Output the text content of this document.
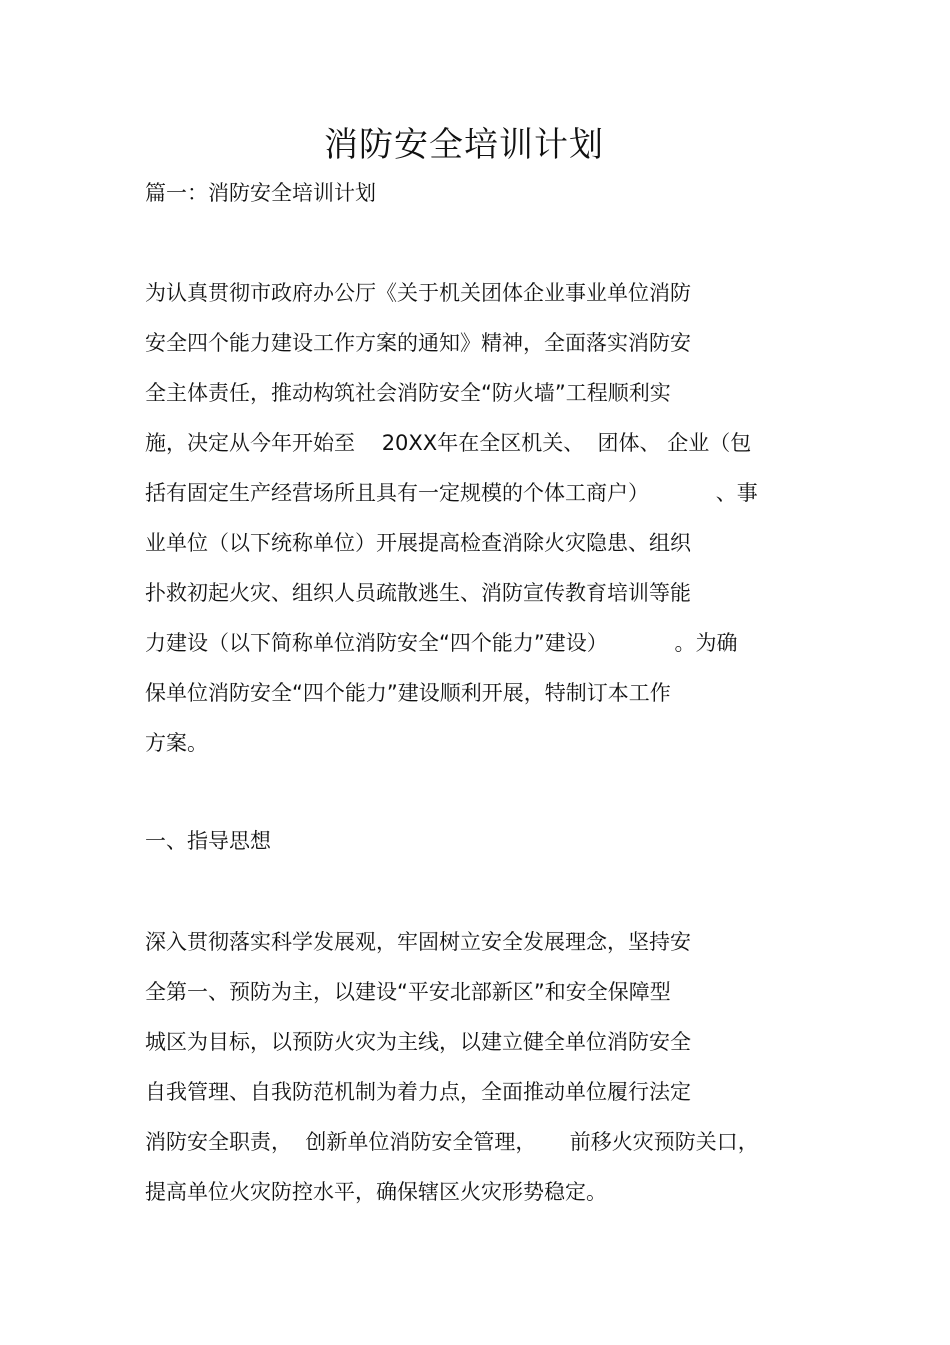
消防安全培训计划
篇一：消防安全培训计划
为认真贯彻市政府办公厅《关于机关团体企业事业单位消防
安全四个能力建设工作方案的通知》精神，全面落实消防安
全主体责任，推动构筑社会消防安全“防火墙”工程顺利实
施，决定从今年开始至    20XX年在全区机关、  团体、 企业（包
括有固定生产经营场所且具有一定规模的个体工商户）          、事
业单位（以下统称单位）开展提高检查消除火灾隐患、组织
扑救初起火灾、组织人员疏散逃生、消防宣传教育培训等能
力建设（以下简称单位消防安全“四个能力”建设）          。为确
保单位消防安全“四个能力”建设顺利开展，特制订本工作
方案。
一、指导思想
深入贯彻落实科学发展观，牢固树立安全发展理念，坚持安
全第一、预防为主，以建设“平安北部新区”和安全保障型
城区为目标，以预防火灾为主线，以建立健全单位消防安全
自我管理、自我防范机制为着力点，全面推动单位履行法定
消防安全职责，  创新单位消防安全管理，     前移火灾预防关口，
提高单位火灾防控水平，确保辖区火灾形势稳定。
